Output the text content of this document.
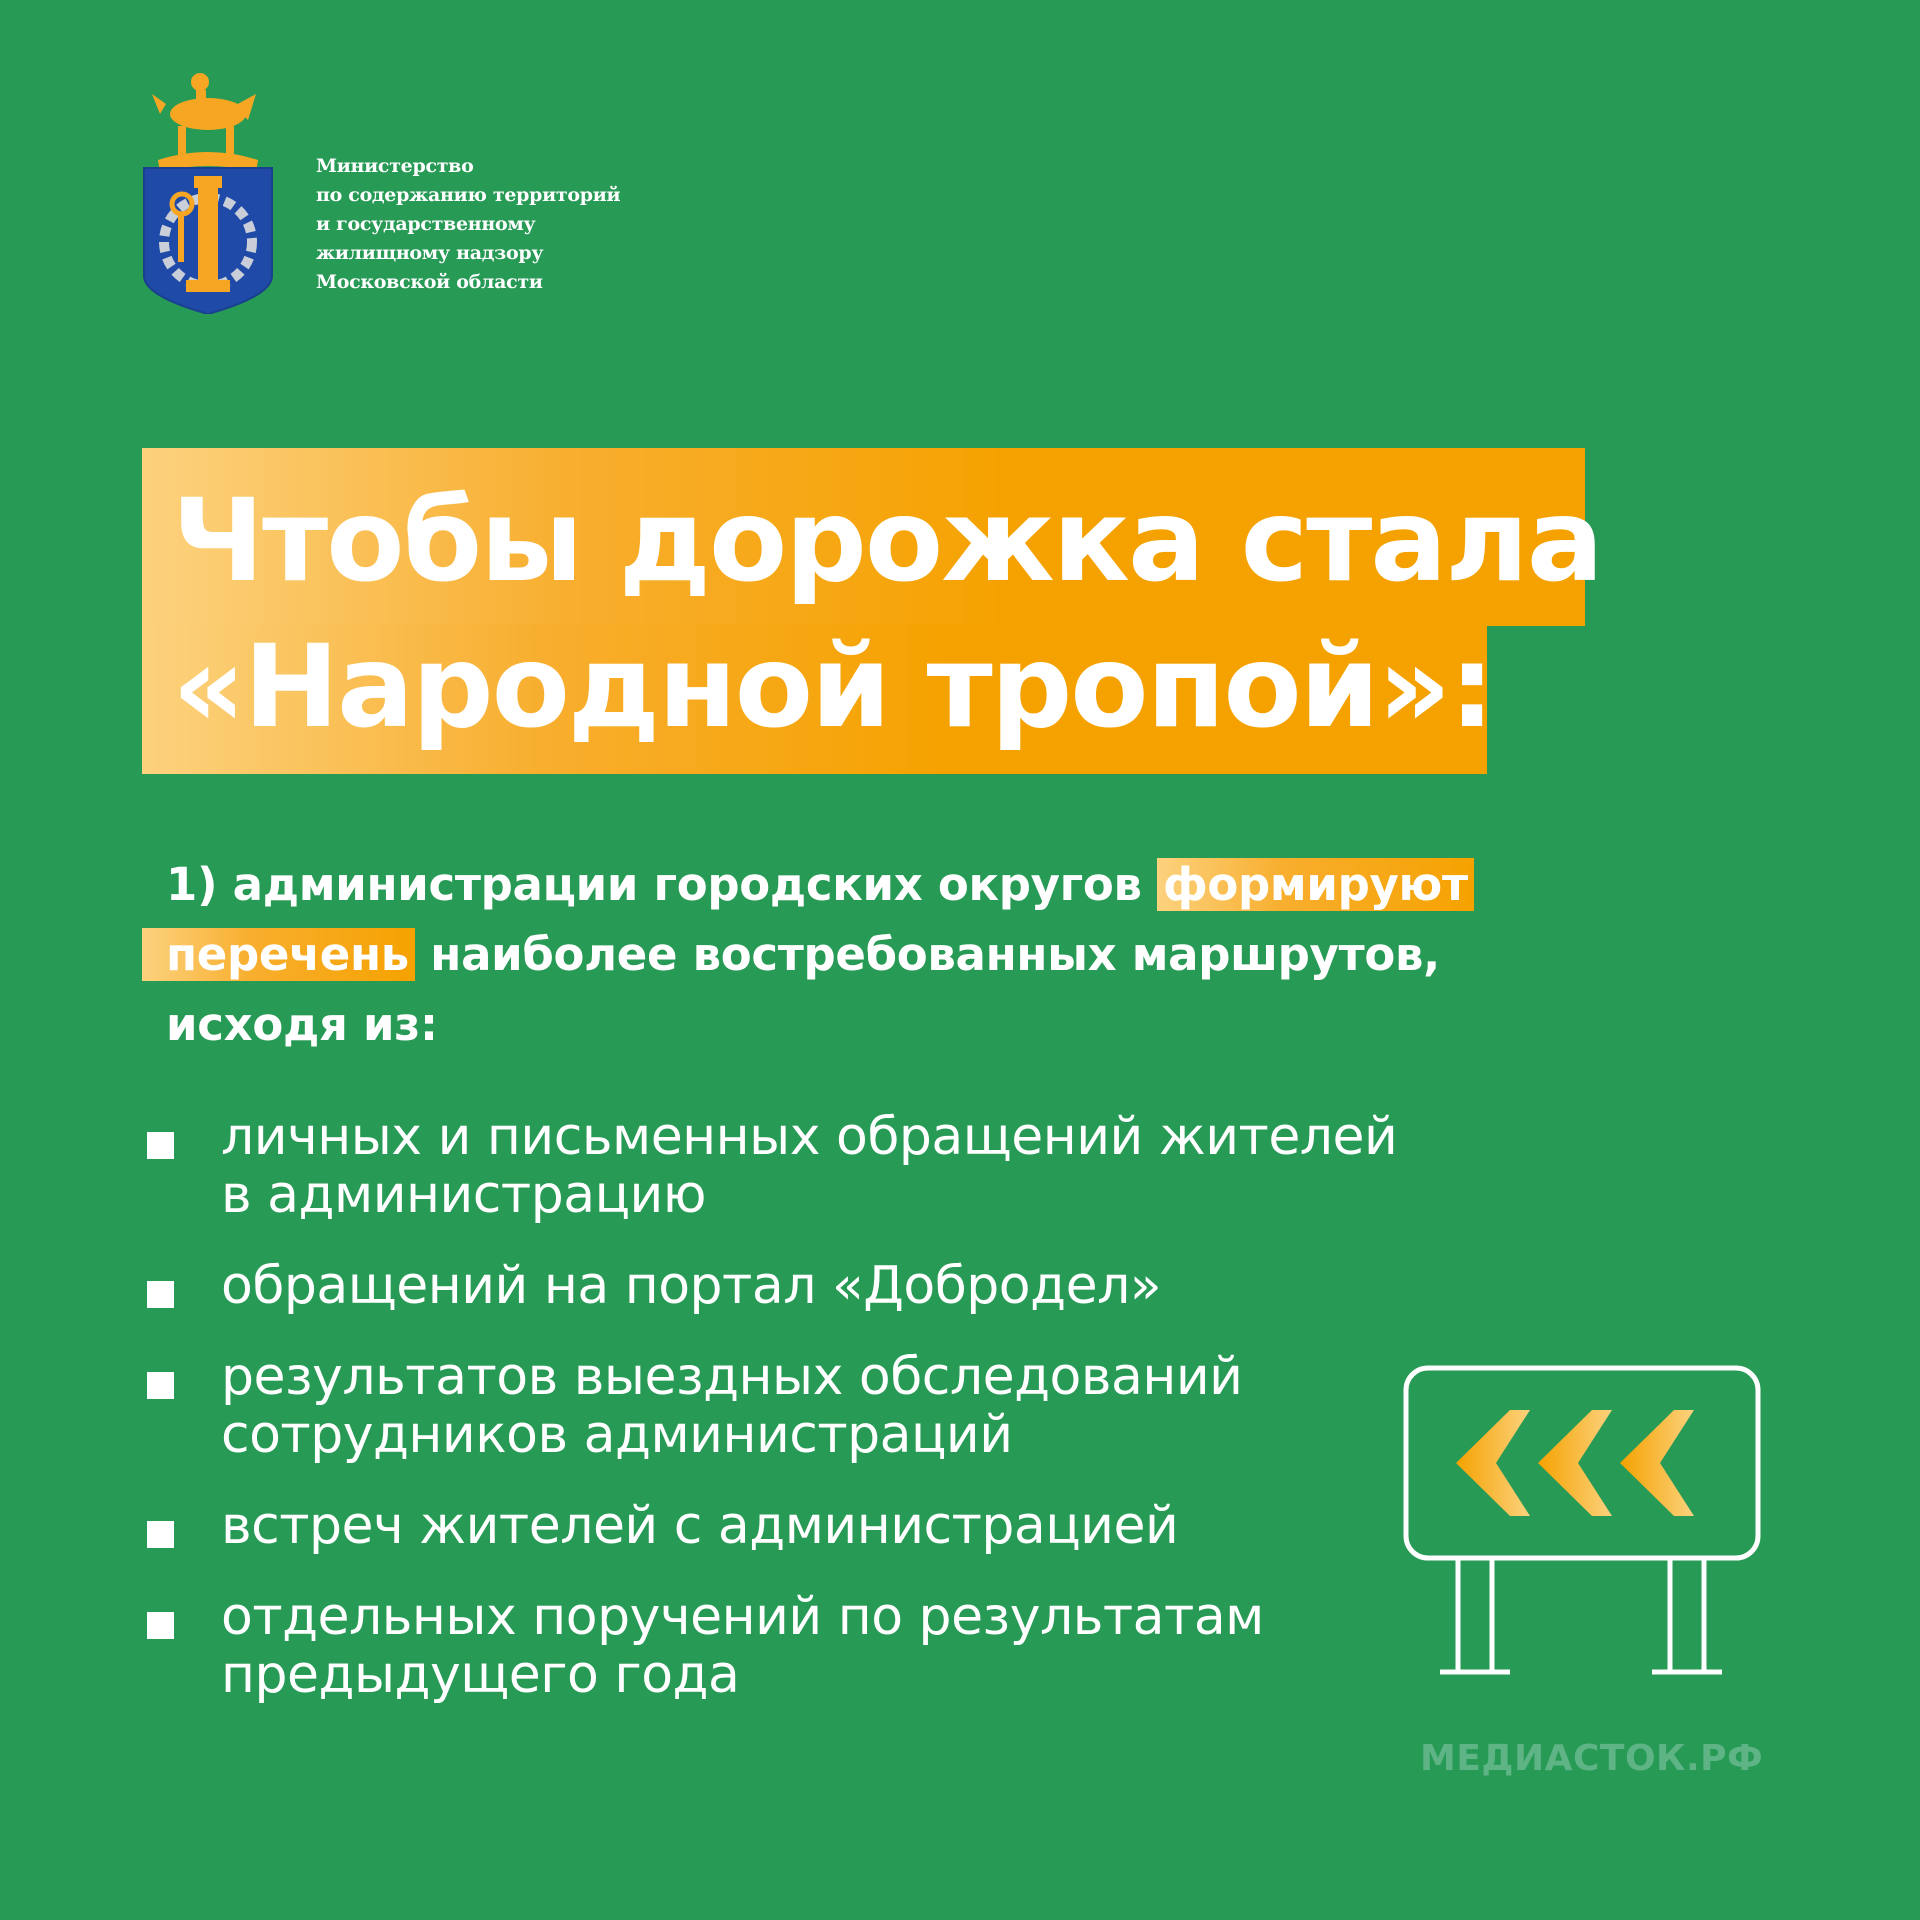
Министерство
по содержанию территорий
и государственному
жилищному надзору
Московской области
Чтобы дорожка стала
«Народной тропой»:
1) администрации городских округов формируют
перечень наиболее востребованных маршрутов,
исходя из:
личных и письменных обращений жителей
в администрацию
обращений на портал «Добродел»
результатов выездных обследований
сотрудников администраций
встреч жителей с администрацией
отдельных поручений по результатам
предыдущего года
МЕДИАСТОК.РФ
